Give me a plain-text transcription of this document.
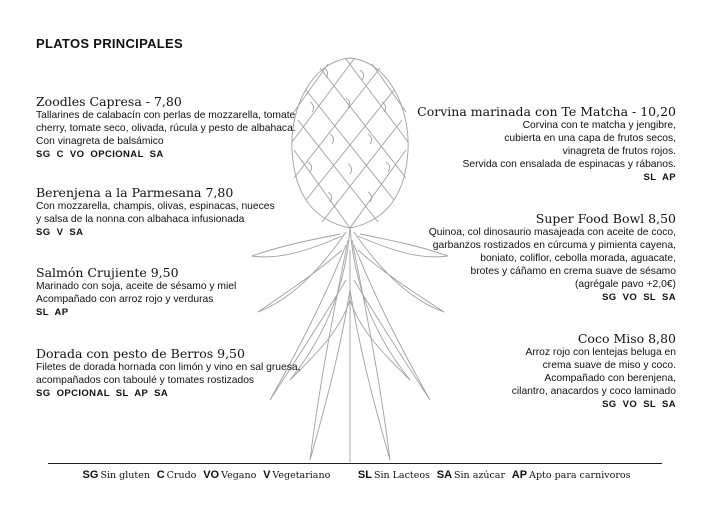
PLATOS PRINCIPALES
Zoodles Capresa - 7,80
Tallarines de calabacín con perlas de mozzarella, tomate
cherry, tomate seco, olivada, rúcula y pesto de albahaca.
Con vinagreta de balsámico
SG C VO OPCIONAL SA
Berenjena a la Parmesana 7,80
Con mozzarella, champis, olivas, espinacas, nueces
y salsa de la nonna con albahaca infusionada
SG V SA
Salmón Crujiente 9,50
Marinado con soja, aceite de sésamo y miel
Acompañado con arroz rojo y verduras
SL AP
Dorada con pesto de Berros 9,50
Filetes de dorada hornada con limón y vino en sal gruesa,
acompañados con taboulé y tomates rostizados
SG OPCIONAL SL AP SA
Corvina marinada con Te Matcha - 10,20
Corvina con te matcha y jengibre,
cubierta en una capa de frutos secos,
vinagreta de frutos rojos.
Servida con ensalada de espinacas y rábanos.
SL AP
Super Food Bowl 8,50
Quinoa, col dinosaurio masajeada con aceite de coco,
garbanzos rostizados en cúrcuma y pimienta cayena,
boniato, coliflor, cebolla morada, aguacate,
brotes y cáñamo en crema suave de sésamo
(agrégale pavo +2,0€)
SG VO SL SA
Coco Miso 8,80
Arroz rojo con lentejas beluga en
crema suave de miso y coco.
Acompañado con berenjena,
cilantro, anacardos y coco laminado
SG VO SL SA
SG Sin gluten C Crudo VO Vegano V Vegetariano	SL Sin Lacteos SA Sin azúcar AP Apto para carnivoros
